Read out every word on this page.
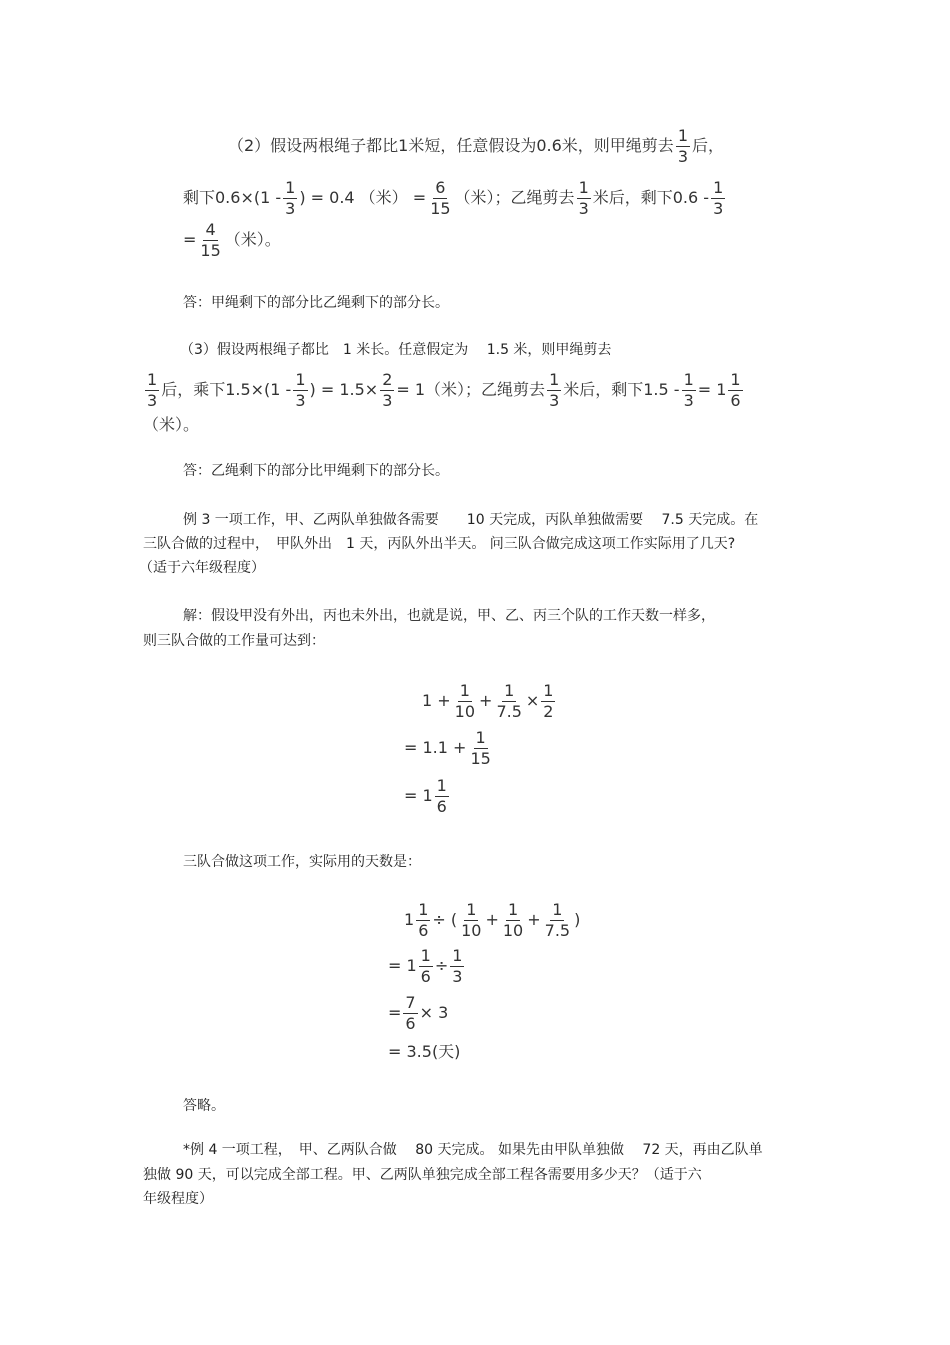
（2）假设两根绳子都比1米短，任意假设为0.6米，则甲绳剪去 $\frac{1}{3}$ 后，
剩下$0.6\times(1 - \frac{1}{3}$ ) = 0.4 （米） = $\frac{6}{15}$ （米）；乙绳剪去 $\frac{1}{3}$ 米后，剩下$0.6 - \frac{1}{3}$
= $\frac{4}{15}$ （米）。
答：甲绳剩下的部分比乙绳剩下的部分长。
（3）假设两根绳子都比　1 米长。任意假定为　 1.5 米，则甲绳剪去
$\frac{1}{3}$ 后，乘下$1.5\times(1 - \frac{1}{3}$ ) = $1.5\times \frac{2}{3} = 1$（米）；乙绳剪去 $\frac{1}{3}$ 米后，剩下$1.5 - \frac{1}{3} = 1 \frac{1}{6}$
（米）。
答：乙绳剩下的部分比甲绳剩下的部分长。
例 3 一项工作，甲、乙两队单独做各需要　　10 天完成，丙队单独做需要　 7.5 天完成。在
三队合做的过程中，　甲队外出　1 天，丙队外出半天。 问三队合做完成这项工作实际用了几天?
（适于六年级程度）
解：假设甲没有外出，丙也未外出，也就是说，甲、乙、丙三个队的工作天数一样多，
则三队合做的工作量可达到：
$1 + \frac{1}{10} + \frac{1}{7.5} \times \frac{1}{2}$
= $1.1 + \frac{1}{15}$
= $1 \frac{1}{6}$
三队合做这项工作，实际用的天数是：
$1 \frac{1}{6}$ ÷ ( $\frac{1}{10} + \frac{1}{10} + \frac{1}{7.5}$ )
= $1 \frac{1}{6} \div \frac{1}{3}$
= $\frac{7}{6} \times 3$
= 3.5(天)
答略。
*例 4 一项工程，　甲、乙两队合做　 80 天完成。 如果先由甲队单独做　 72 天，再由乙队单
独做 90 天，可以完成全部工程。甲、乙两队单独完成全部工程各需要用多少天？（适于六
年级程度）
